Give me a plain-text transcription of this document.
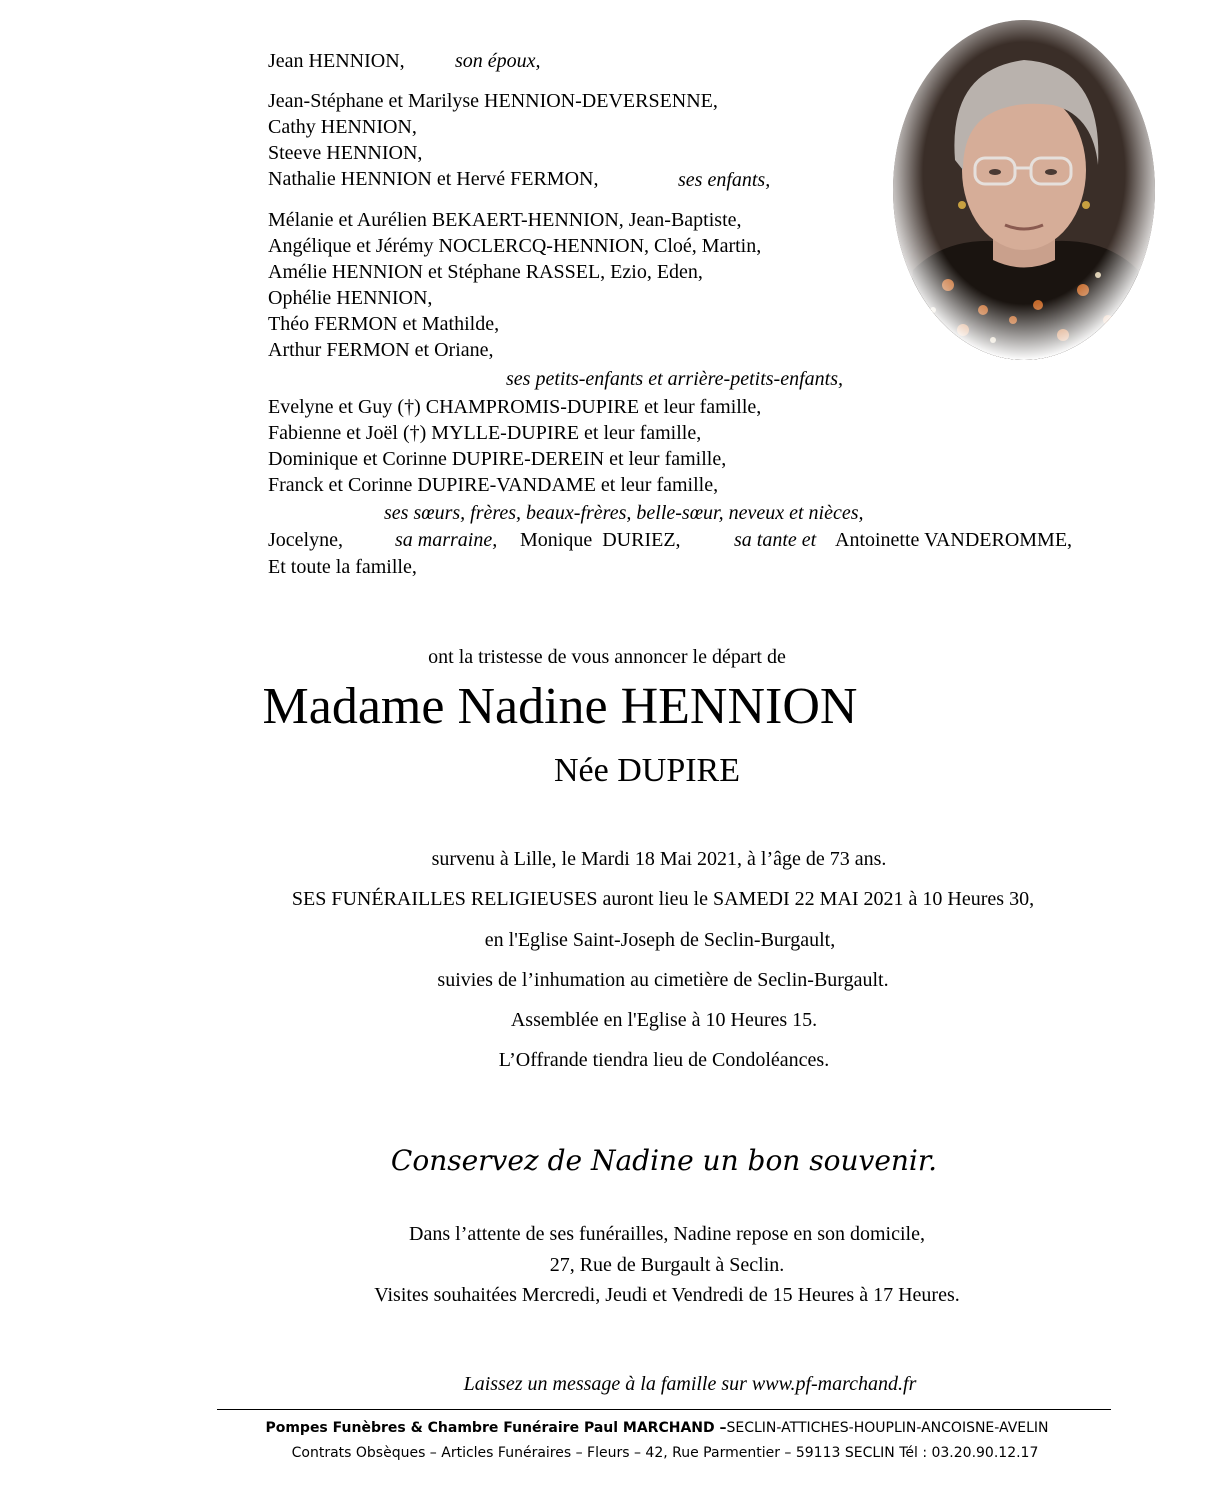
Jean HENNION,	son époux,
Jean-Stéphane et Marilyse HENNION-DEVERSENNE,
Cathy HENNION,
Steeve HENNION,
Nathalie HENNION et Hervé FERMON,	ses enfants,
Mélanie et Aurélien BEKAERT-HENNION, Jean-Baptiste,
Angélique et Jérémy NOCLERCQ-HENNION, Cloé, Martin,
Amélie HENNION et Stéphane RASSEL, Ezio, Eden,
Ophélie HENNION,
Théo FERMON et Mathilde,
Arthur FERMON et Oriane,
ses petits-enfants et arrière-petits-enfants,
Evelyne et Guy (†) CHAMPROMIS-DUPIRE et leur famille,
Fabienne et Joël (†) MYLLE-DUPIRE et leur famille,
Dominique et Corinne DUPIRE-DEREIN et leur famille,
Franck et Corinne DUPIRE-VANDAME et leur famille,
ses sœurs, frères, beaux-frères, belle-sœur, neveux et nièces,
Jocelyne,	sa marraine, Monique  DURIEZ,	sa tante et Antoinette VANDEROMME,
Et toute la famille,
ont la tristesse de vous annoncer le départ de
Madame Nadine HENNION
Née DUPIRE
survenu à Lille, le Mardi 18 Mai 2021, à l’âge de 73 ans.
SES FUNÉRAILLES RELIGIEUSES auront lieu le SAMEDI 22 MAI 2021 à 10 Heures 30,
en l'Eglise Saint-Joseph de Seclin-Burgault,
suivies de l’inhumation au cimetière de Seclin-Burgault.
Assemblée en l'Eglise à 10 Heures 15.
L’Offrande tiendra lieu de Condoléances.
Conservez de Nadine un bon souvenir.
Dans l’attente de ses funérailles, Nadine repose en son domicile,
27, Rue de Burgault à Seclin.
Visites souhaitées Mercredi, Jeudi et Vendredi de 15 Heures à 17 Heures.
Laissez un message à la famille sur www.pf-marchand.fr
Pompes Funèbres & Chambre Funéraire Paul MARCHAND –SECLIN-ATTICHES-HOUPLIN-ANCOISNE-AVELIN
Contrats Obsèques – Articles Funéraires – Fleurs – 42, Rue Parmentier – 59113 SECLIN Tél : 03.20.90.12.17
